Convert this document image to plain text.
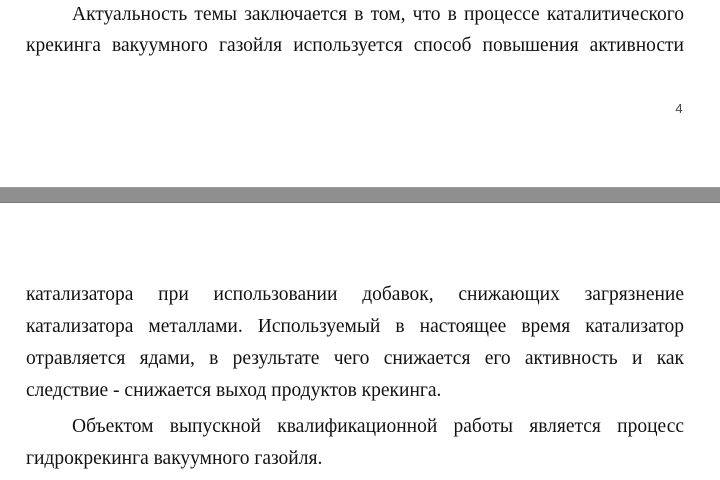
Актуальность темы заключается в том, что в процессе каталитического
крекинга вакуумного газойля используется способ повышения активности
4
катализатора при использовании добавок, снижающих загрязнение
катализатора металлами. Используемый в настоящее время катализатор
отравляется ядами, в результате чего снижается его активность и как
следствие - снижается выход продуктов крекинга.
Объектом выпускной квалификационной работы является процесс
гидрокрекинга вакуумного газойля.
